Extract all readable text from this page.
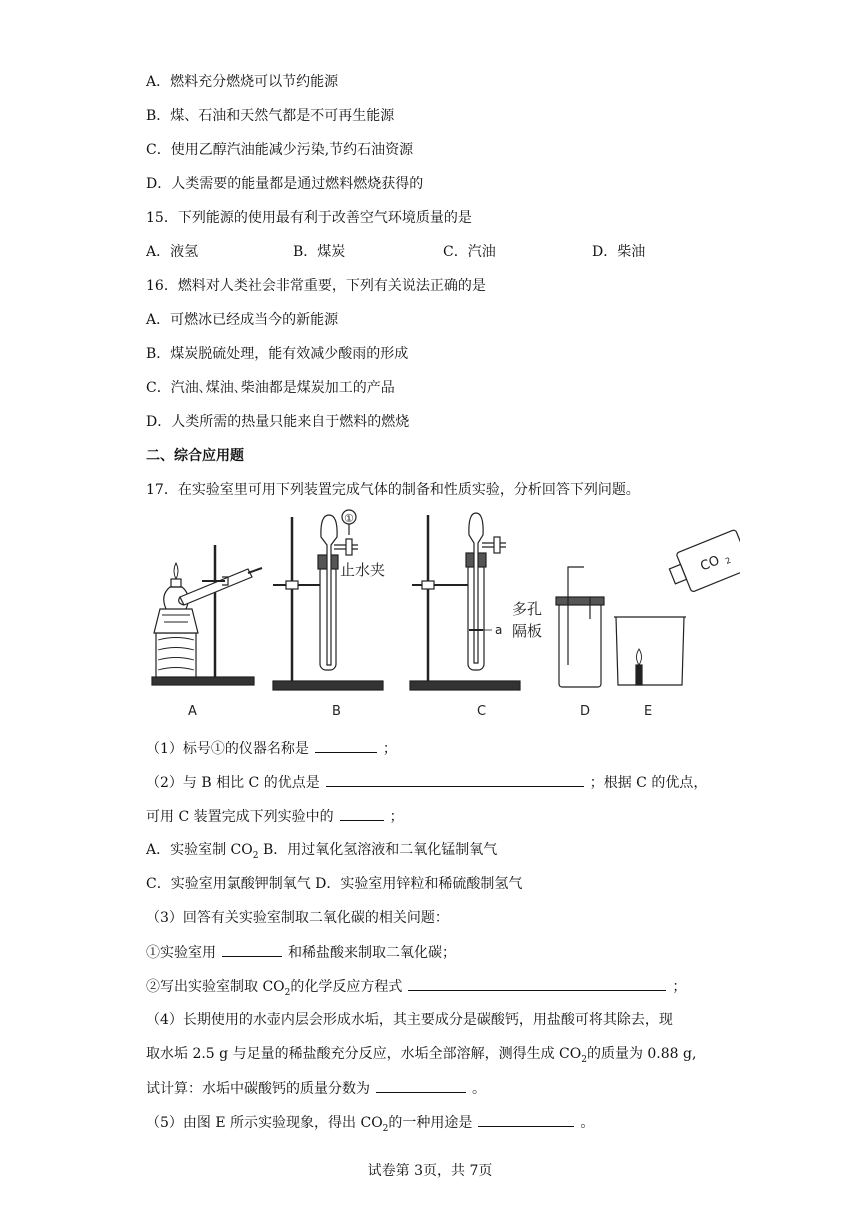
A．燃料充分燃烧可以节约能源
B．煤、石油和天然气都是不可再生能源
C．使用乙醇汽油能减少污染,节约石油资源
D．人类需要的能量都是通过燃料燃烧获得的
15．下列能源的使用最有利于改善空气环境质量的是
A．液氢	B．煤炭	C．汽油	D．柴油
16．燃料对人类社会非常重要，下列有关说法正确的是
A．可燃冰已经成当今的新能源
B．煤炭脱硫处理，能有效减少酸雨的形成
C．汽油､煤油､柴油都是煤炭加工的产品
D．人类所需的热量只能来自于燃料的燃烧
二、综合应用题
17．在实验室里可用下列装置完成气体的制备和性质实验，分析回答下列问题。
A
①
止水夹
B
a
多孔
隔板
C	D
CO 2
E
（1）标号①的仪器名称是	；
（2）与 B 相比 C 的优点是	；根据 C 的优点，
可用 C 装置完成下列实验中的	；
A．实验室制 $CO_2$ B．用过氧化氢溶液和二氧化锰制氧气
C．实验室用氯酸钾制氧气 D．实验室用锌粒和稀硫酸制氢气
（3）回答有关实验室制取二氧化碳的相关问题：
①实验室用	和稀盐酸来制取二氧化碳；
②写出实验室制取 $CO_2$的化学反应方程式	；
（4）长期使用的水壶内层会形成水垢，其主要成分是碳酸钙，用盐酸可将其除去，现
取水垢 2.5 g 与足量的稀盐酸充分反应，水垢全部溶解，测得生成 $CO_2$的质量为 0.88 g,
试计算：水垢中碳酸钙的质量分数为	。
（5）由图 E 所示实验现象，得出 $CO_2$的一种用途是	。
试卷第 3页，共 7页
